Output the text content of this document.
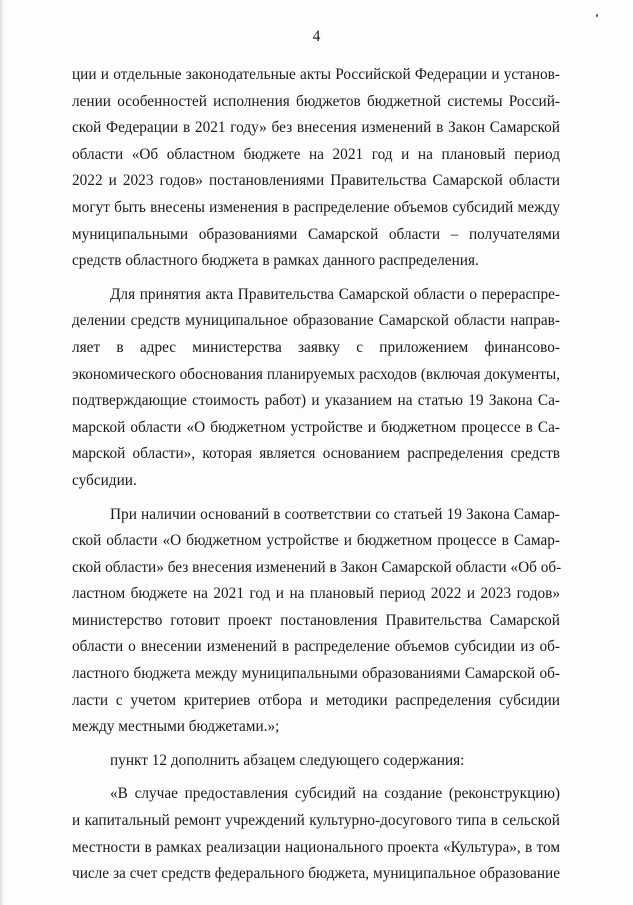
4
ции и отдельные законодательные акты Российской Федерации и установ-
лении особенностей исполнения бюджетов бюджетной системы Россий-
ской Федерации в 2021 году» без внесения изменений в Закон Самарской
области «Об областном бюджете на 2021 год и на плановый период
2022 и 2023 годов» постановлениями Правительства Самарской области
могут быть внесены изменения в распределение объемов субсидий между
муниципальными образованиями Самарской области – получателями
средств областного бюджета в рамках данного распределения.
Для принятия акта Правительства Самарской области о перераспре-
делении средств муниципальное образование Самарской области направ-
ляет в адрес министерства заявку с приложением финансово-
экономического обоснования планируемых расходов (включая документы,
подтверждающие стоимость работ) и указанием на статью 19 Закона Са-
марской области «О бюджетном устройстве и бюджетном процессе в Са-
марской области», которая является основанием распределения средств
субсидии.
При наличии оснований в соответствии со статьей 19 Закона Самар-
ской области «О бюджетном устройстве и бюджетном процессе в Самар-
ской области» без внесения изменений в Закон Самарской области «Об об-
ластном бюджете на 2021 год и на плановый период 2022 и 2023 годов»
министерство готовит проект постановления Правительства Самарской
области о внесении изменений в распределение объемов субсидии из об-
ластного бюджета между муниципальными образованиями Самарской об-
ласти с учетом критериев отбора и методики распределения субсидии
между местными бюджетами.»;
пункт 12 дополнить абзацем следующего содержания:
«В случае предоставления субсидий на создание (реконструкцию)
и капитальный ремонт учреждений культурно-досугового типа в сельской
местности в рамках реализации национального проекта «Культура», в том
числе за счет средств федерального бюджета, муниципальное образование
